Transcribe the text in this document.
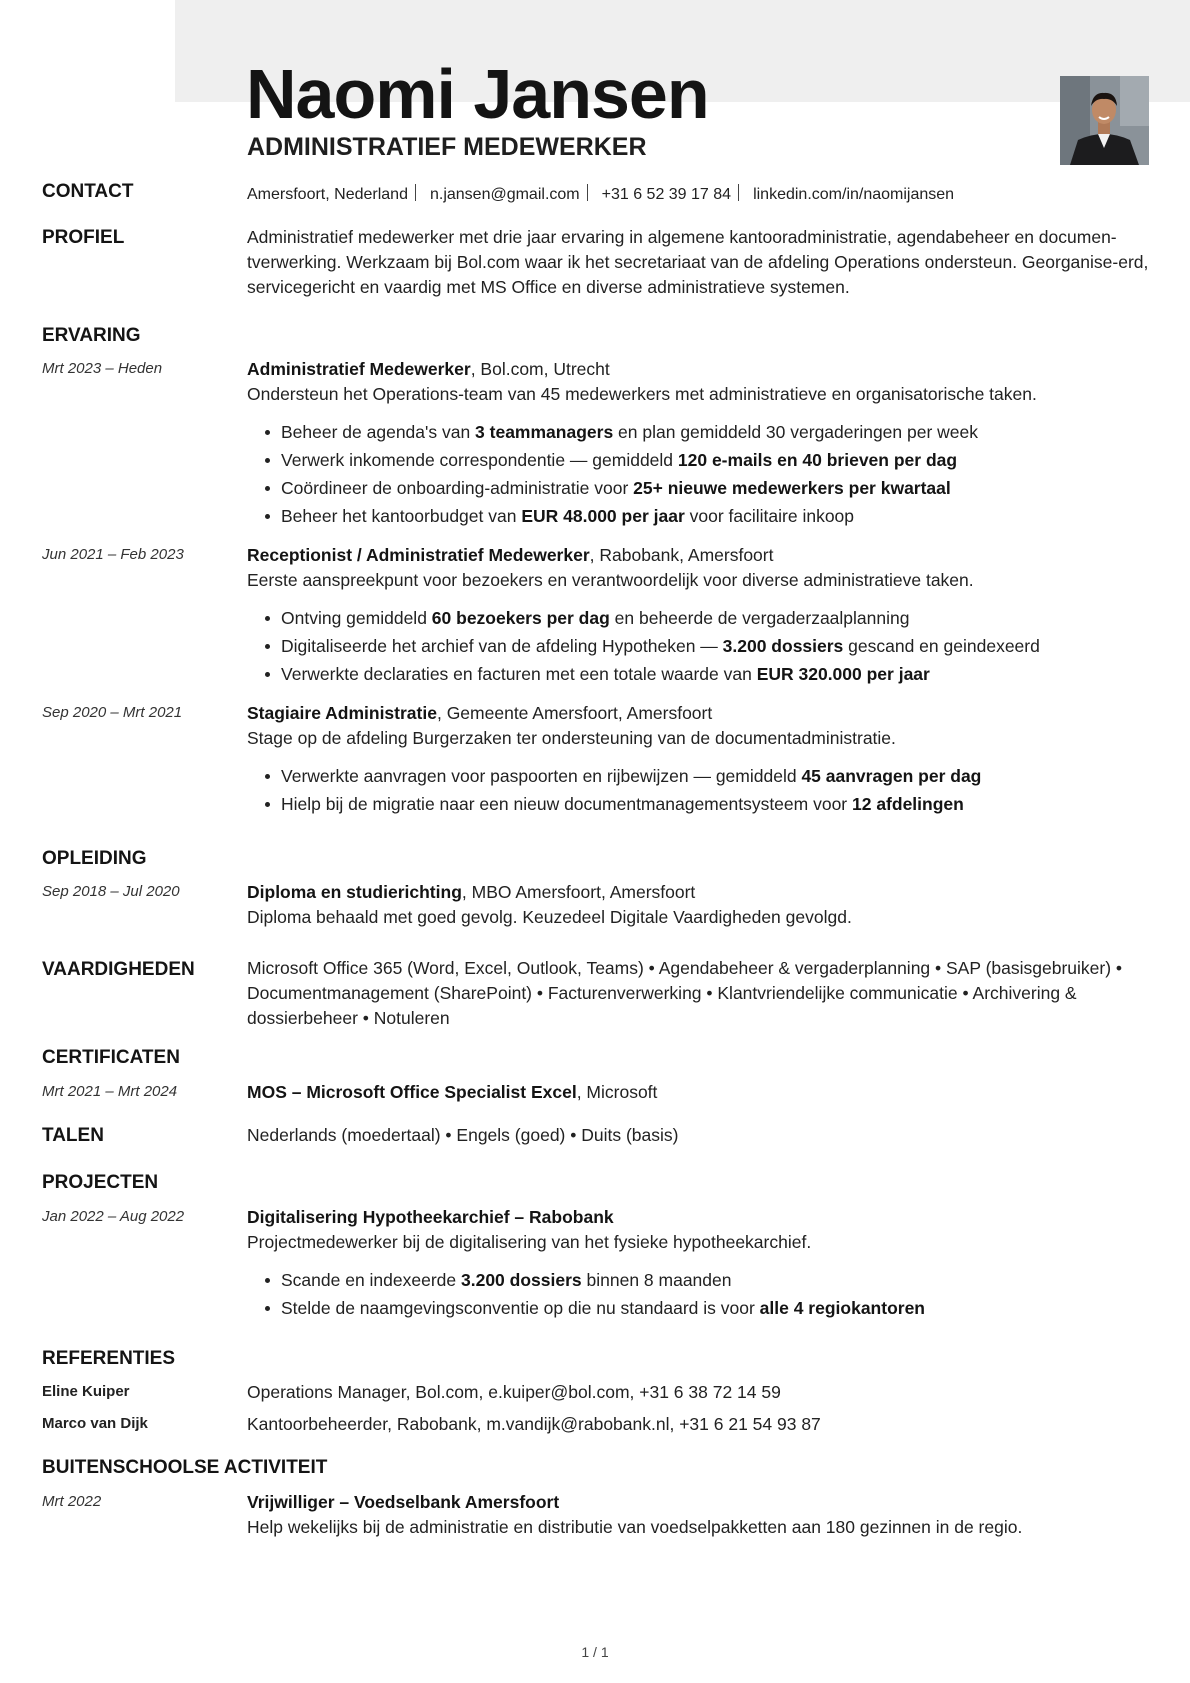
Naomi Jansen
ADMINISTRATIEF MEDEWERKER
CONTACT	Amersfoort, Nederland n.jansen@gmail.com +31 6 52 39 17 84 linkedin.com/in/naomijansen
PROFIEL	Administratief medewerker met drie jaar ervaring in algemene kantooradministratie, agendabeheer en documen-tverwerking. Werkzaam bij Bol.com waar ik het secretariaat van de afdeling Operations ondersteun. Georganise-erd, servicegericht en vaardig met MS Office en diverse administratieve systemen.
ERVARING
Mrt 2023 – Heden	Administratief Medewerker, Bol.com, Utrecht

Ondersteun het Operations-team van 45 medewerkers met administratieve en organisatorische taken.

Beheer de agenda's van 3 teammanagers en plan gemiddeld 30 vergaderingen per week
Verwerk inkomende correspondentie — gemiddeld 120 e-mails en 40 brieven per dag
Coördineer de onboarding-administratie voor 25+ nieuwe medewerkers per kwartaal
Beheer het kantoorbudget van EUR 48.000 per jaar voor facilitaire inkoop
Jun 2021 – Feb 2023	Receptionist / Administratief Medewerker, Rabobank, Amersfoort

Eerste aanspreekpunt voor bezoekers en verantwoordelijk voor diverse administratieve taken.

Ontving gemiddeld 60 bezoekers per dag en beheerde de vergaderzaalplanning
Digitaliseerde het archief van de afdeling Hypotheken — 3.200 dossiers gescand en geindexeerd
Verwerkte declaraties en facturen met een totale waarde van EUR 320.000 per jaar
Sep 2020 – Mrt 2021	Stagiaire Administratie, Gemeente Amersfoort, Amersfoort

Stage op de afdeling Burgerzaken ter ondersteuning van de documentadministratie.

Verwerkte aanvragen voor paspoorten en rijbewijzen — gemiddeld 45 aanvragen per dag
Hielp bij de migratie naar een nieuw documentmanagementsysteem voor 12 afdelingen
OPLEIDING
Sep 2018 – Jul 2020	Diploma en studierichting, MBO Amersfoort, Amersfoort

Diploma behaald met goed gevolg. Keuzedeel Digitale Vaardigheden gevolgd.

VAARDIGHEDEN	Microsoft Office 365 (Word, Excel, Outlook, Teams) • Agendabeheer & vergaderplanning • SAP (basisgebruiker) • Documentmanagement (SharePoint) • Facturenverwerking • Klantvriendelijke communicatie • Archivering & dossierbeheer • Notuleren
CERTIFICATEN
Mrt 2021 – Mrt 2024	MOS – Microsoft Office Specialist Excel, Microsoft

TALEN	Nederlands (moedertaal) • Engels (goed) • Duits (basis)
PROJECTEN
Jan 2022 – Aug 2022	Digitalisering Hypotheekarchief – Rabobank

Projectmedewerker bij de digitalisering van het fysieke hypotheekarchief.

Scande en indexeerde 3.200 dossiers binnen 8 maanden
Stelde de naamgevingsconventie op die nu standaard is voor alle 4 regiokantoren
REFERENTIES
Eline Kuiper	Operations Manager, Bol.com, e.kuiper@bol.com, +31 6 38 72 14 59
Marco van Dijk	Kantoorbeheerder, Rabobank, m.vandijk@rabobank.nl, +31 6 21 54 93 87
BUITENSCHOOLSE ACTIVITEIT
Mrt 2022	Vrijwilliger – Voedselbank Amersfoort

Help wekelijks bij de administratie en distributie van voedselpakketten aan 180 gezinnen in de regio.

1 / 1
